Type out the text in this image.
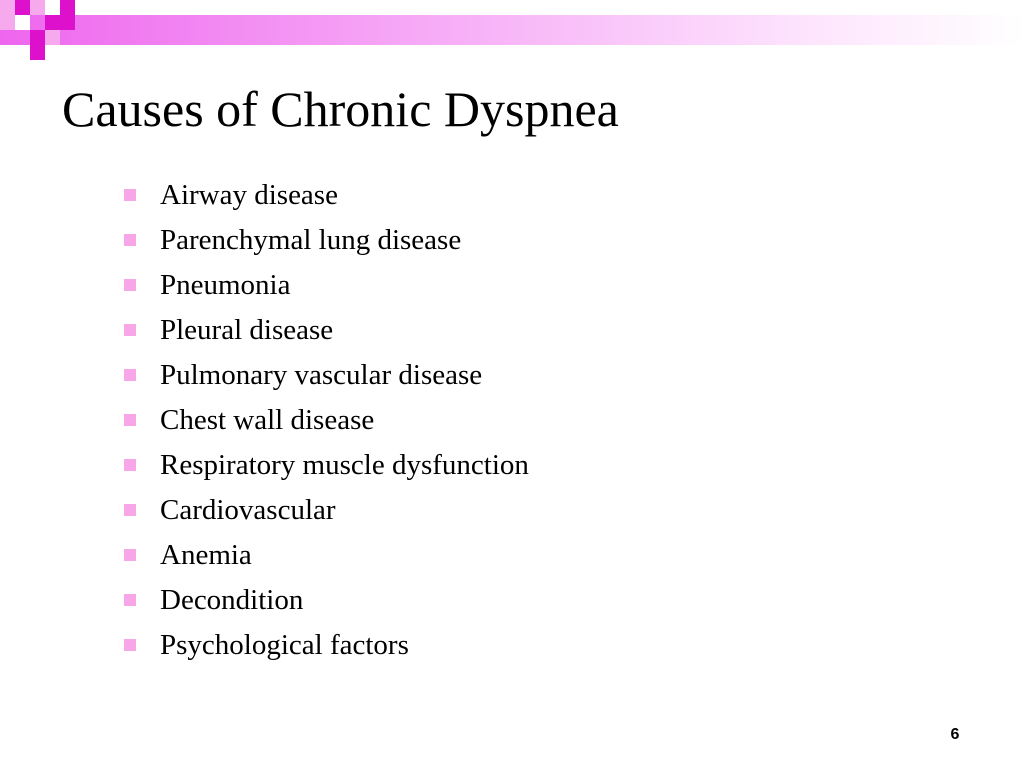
Causes of Chronic Dyspnea
Airway disease
Parenchymal lung disease
Pneumonia
Pleural disease
Pulmonary vascular disease
Chest wall disease
Respiratory muscle dysfunction
Cardiovascular
Anemia
Decondition
Psychological factors
6
